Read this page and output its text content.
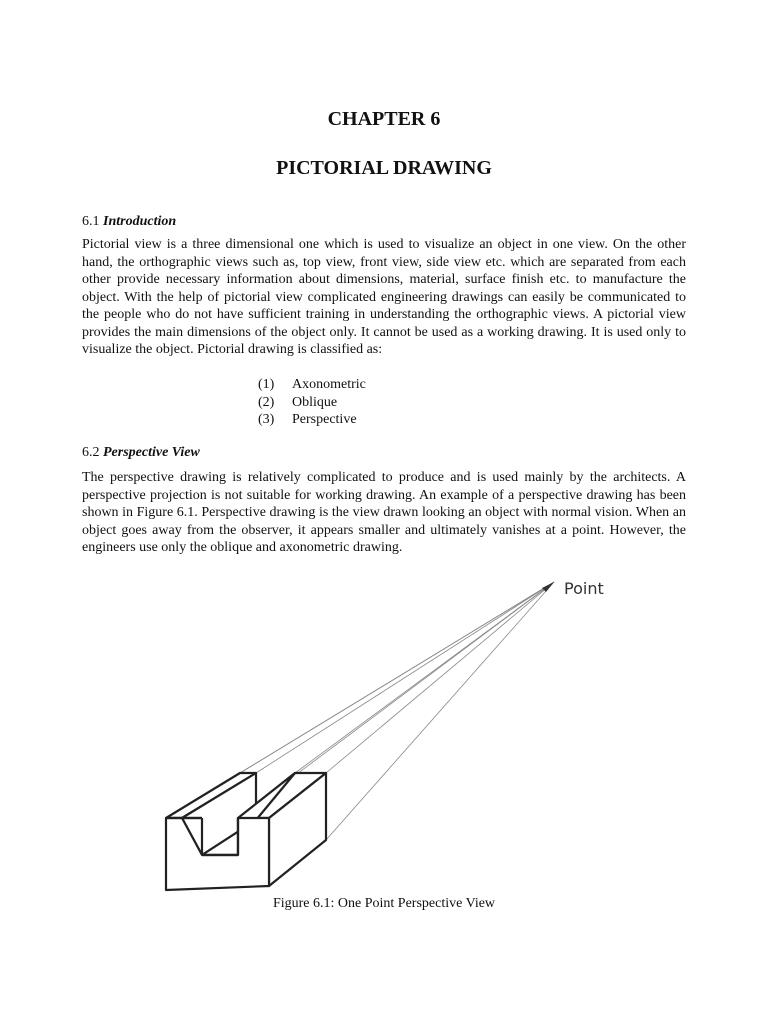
CHAPTER 6
PICTORIAL DRAWING
6.1 Introduction
Pictorial view is a three dimensional one which is used to visualize an object in one view. On the other hand, the orthographic views such as, top view, front view, side view etc. which are separated from each other provide necessary information about dimensions, material, surface finish etc. to manufacture the object. With the help of pictorial view complicated engineering drawings can easily be communicated to the people who do not have sufficient training in understanding the orthographic views. A pictorial view provides the main dimensions of the object only. It cannot be used as a working drawing. It is used only to visualize the object. Pictorial drawing is classified as:
(1) Axonometric
(2) Oblique
(3) Perspective
6.2 Perspective View
The perspective drawing is relatively complicated to produce and is used mainly by the architects. A perspective projection is not suitable for working drawing. An example of a perspective drawing has been shown in Figure 6.1. Perspective drawing is the view drawn looking an object with normal vision. When an object goes away from the observer, it appears smaller and ultimately vanishes at a point. However, the engineers use only the oblique and axonometric drawing.
Point
Figure 6.1: One Point Perspective View
